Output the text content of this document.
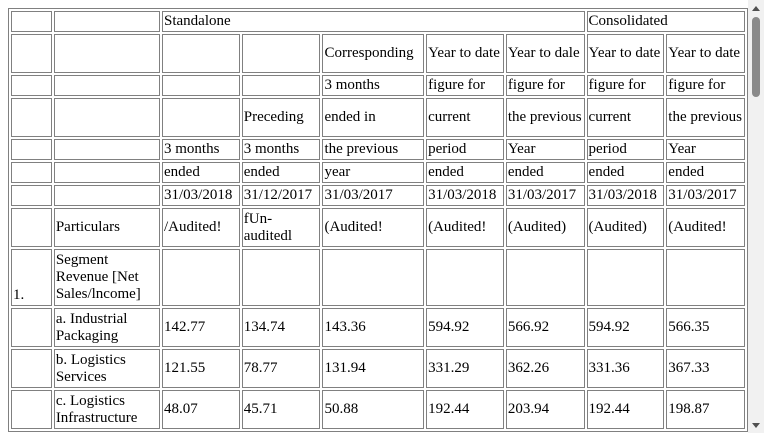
		Standalone					Consolidated	
				Corresponding	Year to date	Year to dale	Year to date	Year to date
				3 months	figure for	figure for	figure for	figure for
			Preceding	ended in	current	the previous	current	the previous
		3 months	3 months	the previous	period	Year	period	Year
		ended	ended	year	ended	ended	ended	ended
		31/03/2018	31/12/2017	31/03/2017	31/03/2018	31/03/2017	31/03/2018	31/03/2017
	Particulars	/Audited!	fUn-auditedl	(Audited!	(Audited!	(Audited)	(Audited)	(Audited!
1.	Segment Revenue [Net Sales/lncome]							
	a. Industrial Packaging	142.77	134.74	143.36	594.92	566.92	594.92	566.35
	b. Logistics Services	121.55	78.77	131.94	331.29	362.26	331.36	367.33
	c. Logistics Infrastructure	48.07	45.71	50.88	192.44	203.94	192.44	198.87
